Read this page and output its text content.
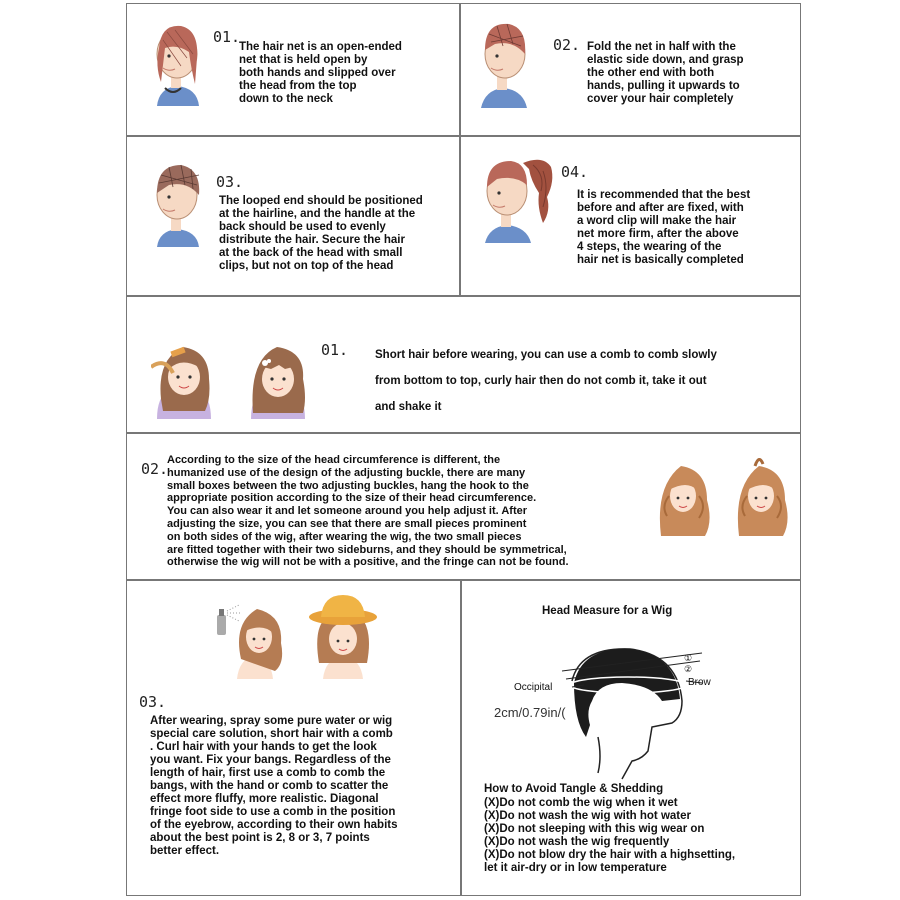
01.
The hair net is an open-ended
net that is held open by
both hands and slipped over
the head from the top
down to the neck
02. Fold the net in half with the
elastic side down, and grasp
the other end with both
hands, pulling it upwards to
cover your hair completely
03.
The looped end should be positioned
at the hairline, and the handle at the
back should be used to evenly
distribute the hair. Secure the hair
at the back of the head with small
clips, but not on top of the head
04.
It is recommended that the best
before and after are fixed, with
a word clip will make the hair
net more firm, after the above
4 steps, the wearing of the
hair net is basically completed
01. Short hair before wearing, you can use a comb to comb slowly
from bottom to top, curly hair then do not comb it, take it out
and shake it
02.
According to the size of the head circumference is different, the
humanized use of the design of the adjusting buckle, there are many
small boxes between the two adjusting buckles, hang the hook to the
appropriate position according to the size of their head circumference.
You can also wear it and let someone around you help adjust it. After
adjusting the size, you can see that there are small pieces prominent
on both sides of the wig, after wearing the wig, the two small pieces
are fitted together with their two sideburns, and they should be symmetrical,
otherwise the wig will not be with a positive, and the fringe can not be found.
03.
After wearing, spray some pure water or wig
special care solution, short hair with a comb
. Curl hair with your hands to get the look
you want. Fix your bangs. Regardless of the
length of hair, first use a comb to comb the
bangs, with the hand or comb to scatter the
effect more fluffy, more realistic. Diagonal
fringe foot side to use a comb in the position
of the eyebrow, according to their own habits
about the best point is 2, 8 or 3, 7 points
better effect.
Head Measure for a Wig
①
②
Occipital	Brow
2cm/0.79in/(
How to Avoid Tangle & Shedding
(X)Do not comb the wig when it wet
(X)Do not wash the wig with hot water
(X)Do not sleeping with this wig wear on
(X)Do not wash the wig frequently
(X)Do not blow dry the hair with a highsetting,
let it air-dry or in low temperature
